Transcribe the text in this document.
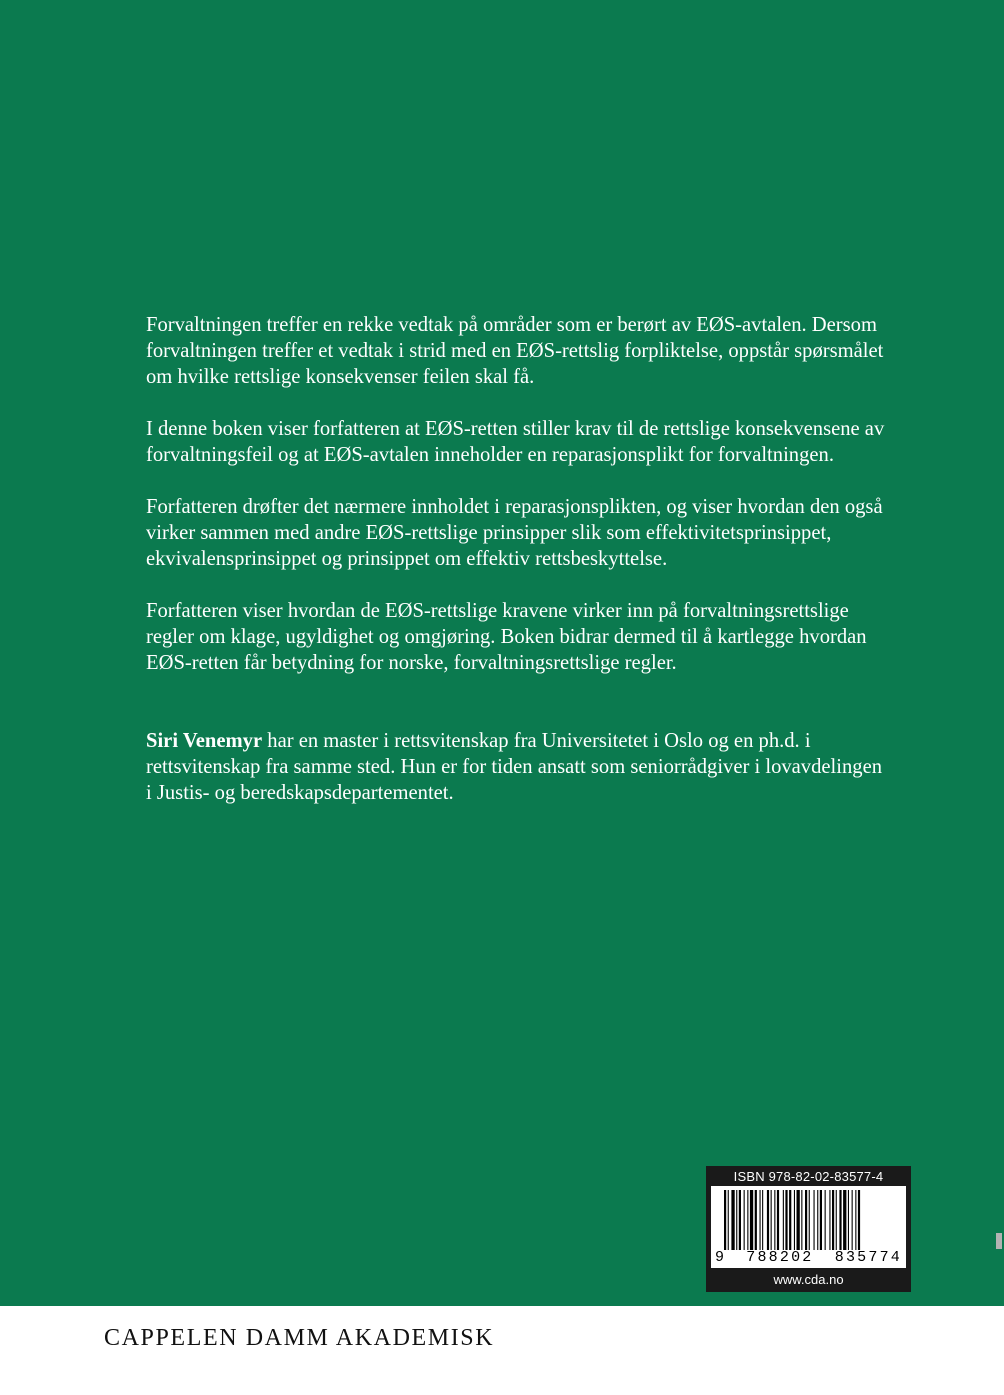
Forvaltningen treffer en rekke vedtak på områder som er berørt av EØS-avtalen. Dersom forvaltningen treffer et vedtak i strid med en EØS-rettslig forpliktelse, oppstår spørsmålet om hvilke rettslige konsekvenser feilen skal få.

I denne boken viser forfatteren at EØS-retten stiller krav til de rettslige konsekvensene av forvaltningsfeil og at EØS-avtalen inneholder en reparasjonsplikt for forvaltningen.

Forfatteren drøfter det nærmere innholdet i reparasjonsplikten, og viser hvordan den også virker sammen med andre EØS-rettslige prinsipper slik som effektivitetsprinsippet, ekvivalensprinsippet og prinsippet om effektiv rettsbeskyttelse.

Forfatteren viser hvordan de EØS-rettslige kravene virker inn på forvaltningsrettslige regler om klage, ugyldighet og omgjøring. Boken bidrar dermed til å kartlegge hvordan EØS-retten får betydning for norske, forvaltningsrettslige regler.

Siri Venemyr har en master i rettsvitenskap fra Universitetet i Oslo og en ph.d. i rettsvitenskap fra samme sted. Hun er for tiden ansatt som seniorrådgiver i lovavdelingen i Justis- og beredskapsdepartementet.

ISBN 978-82-02-83577-4
9 788202 835774
www.cda.no
CAPPELEN DAMM AKADEMISK
